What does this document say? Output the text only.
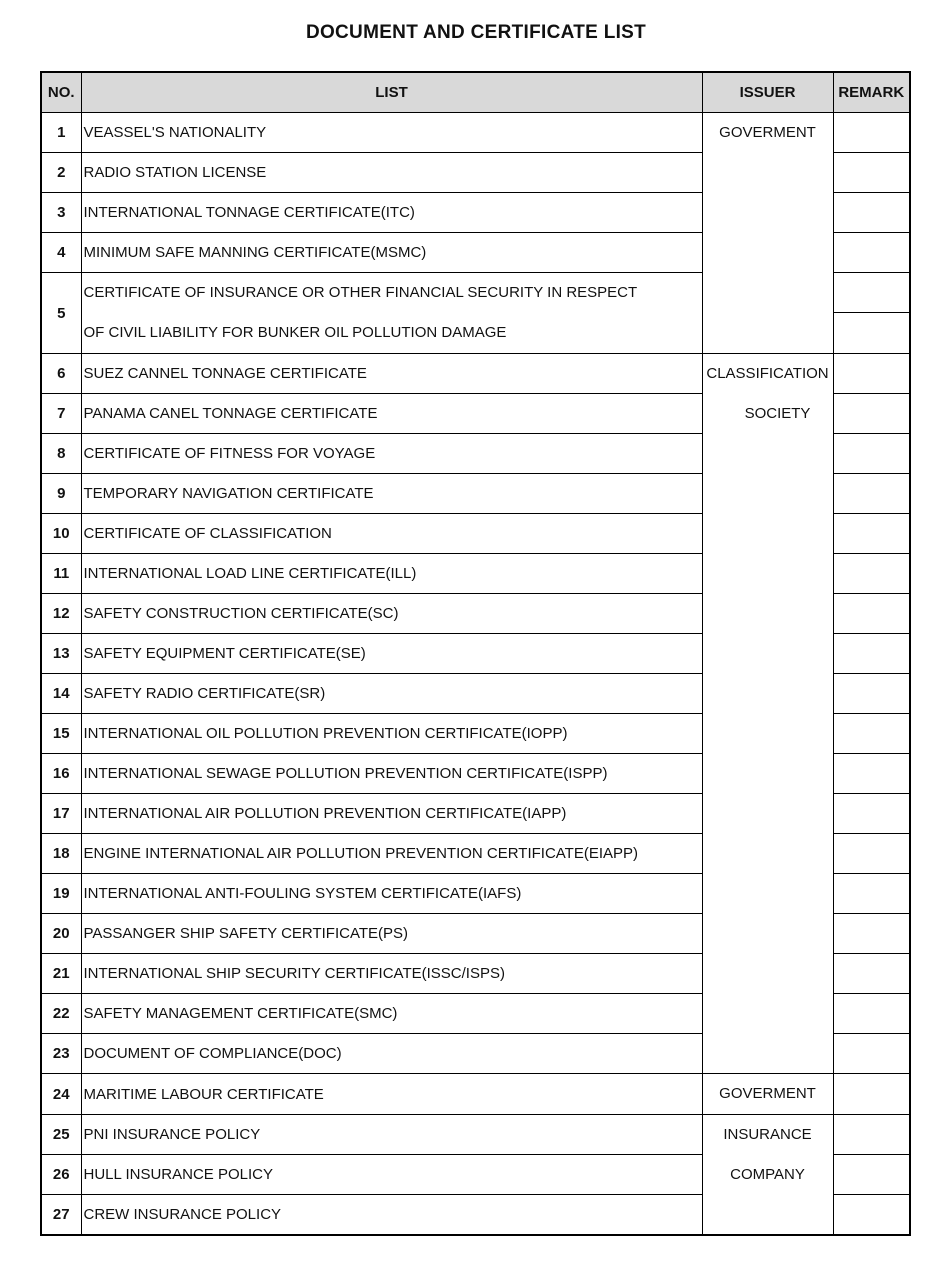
DOCUMENT AND CERTIFICATE LIST
NO.	LIST	ISSUER	REMARK
1	VEASSEL'S NATIONALITY	GOVERMENT	

2	RADIO STATION LICENSE		
3	INTERNATIONAL TONNAGE CERTIFICATE(ITC)		
4	MINIMUM SAFE MANNING CERTIFICATE(MSMC)		
5	CERTIFICATE OF INSURANCE OR OTHER FINANCIAL SECURITY IN RESPECT
OF CIVIL LIABILITY FOR BUNKER OIL POLLUTION DAMAGE		

6	SUEZ CANNEL TONNAGE CERTIFICATE	CLASSIFICATION
SOCIETY	

7	PANAMA CANEL TONNAGE CERTIFICATE		
8	CERTIFICATE OF FITNESS FOR VOYAGE		
9	TEMPORARY NAVIGATION CERTIFICATE		
10	CERTIFICATE OF CLASSIFICATION		
11	INTERNATIONAL LOAD LINE CERTIFICATE(ILL)		
12	SAFETY CONSTRUCTION CERTIFICATE(SC)		
13	SAFETY EQUIPMENT CERTIFICATE(SE)		
14	SAFETY RADIO CERTIFICATE(SR)		
15	INTERNATIONAL OIL POLLUTION PREVENTION CERTIFICATE(IOPP)		
16	INTERNATIONAL SEWAGE POLLUTION PREVENTION CERTIFICATE(ISPP)		
17	INTERNATIONAL AIR POLLUTION PREVENTION CERTIFICATE(IAPP)		
18	ENGINE INTERNATIONAL AIR POLLUTION PREVENTION CERTIFICATE(EIAPP)		
19	INTERNATIONAL ANTI-FOULING SYSTEM CERTIFICATE(IAFS)		
20	PASSANGER SHIP SAFETY CERTIFICATE(PS)		
21	INTERNATIONAL SHIP SECURITY CERTIFICATE(ISSC/ISPS)		
22	SAFETY MANAGEMENT CERTIFICATE(SMC)		
23	DOCUMENT OF COMPLIANCE(DOC)		
24	MARITIME LABOUR CERTIFICATE	GOVERMENT	

25	PNI INSURANCE POLICY	INSURANCE
COMPANY	

26	HULL INSURANCE POLICY		
27	CREW INSURANCE POLICY		
